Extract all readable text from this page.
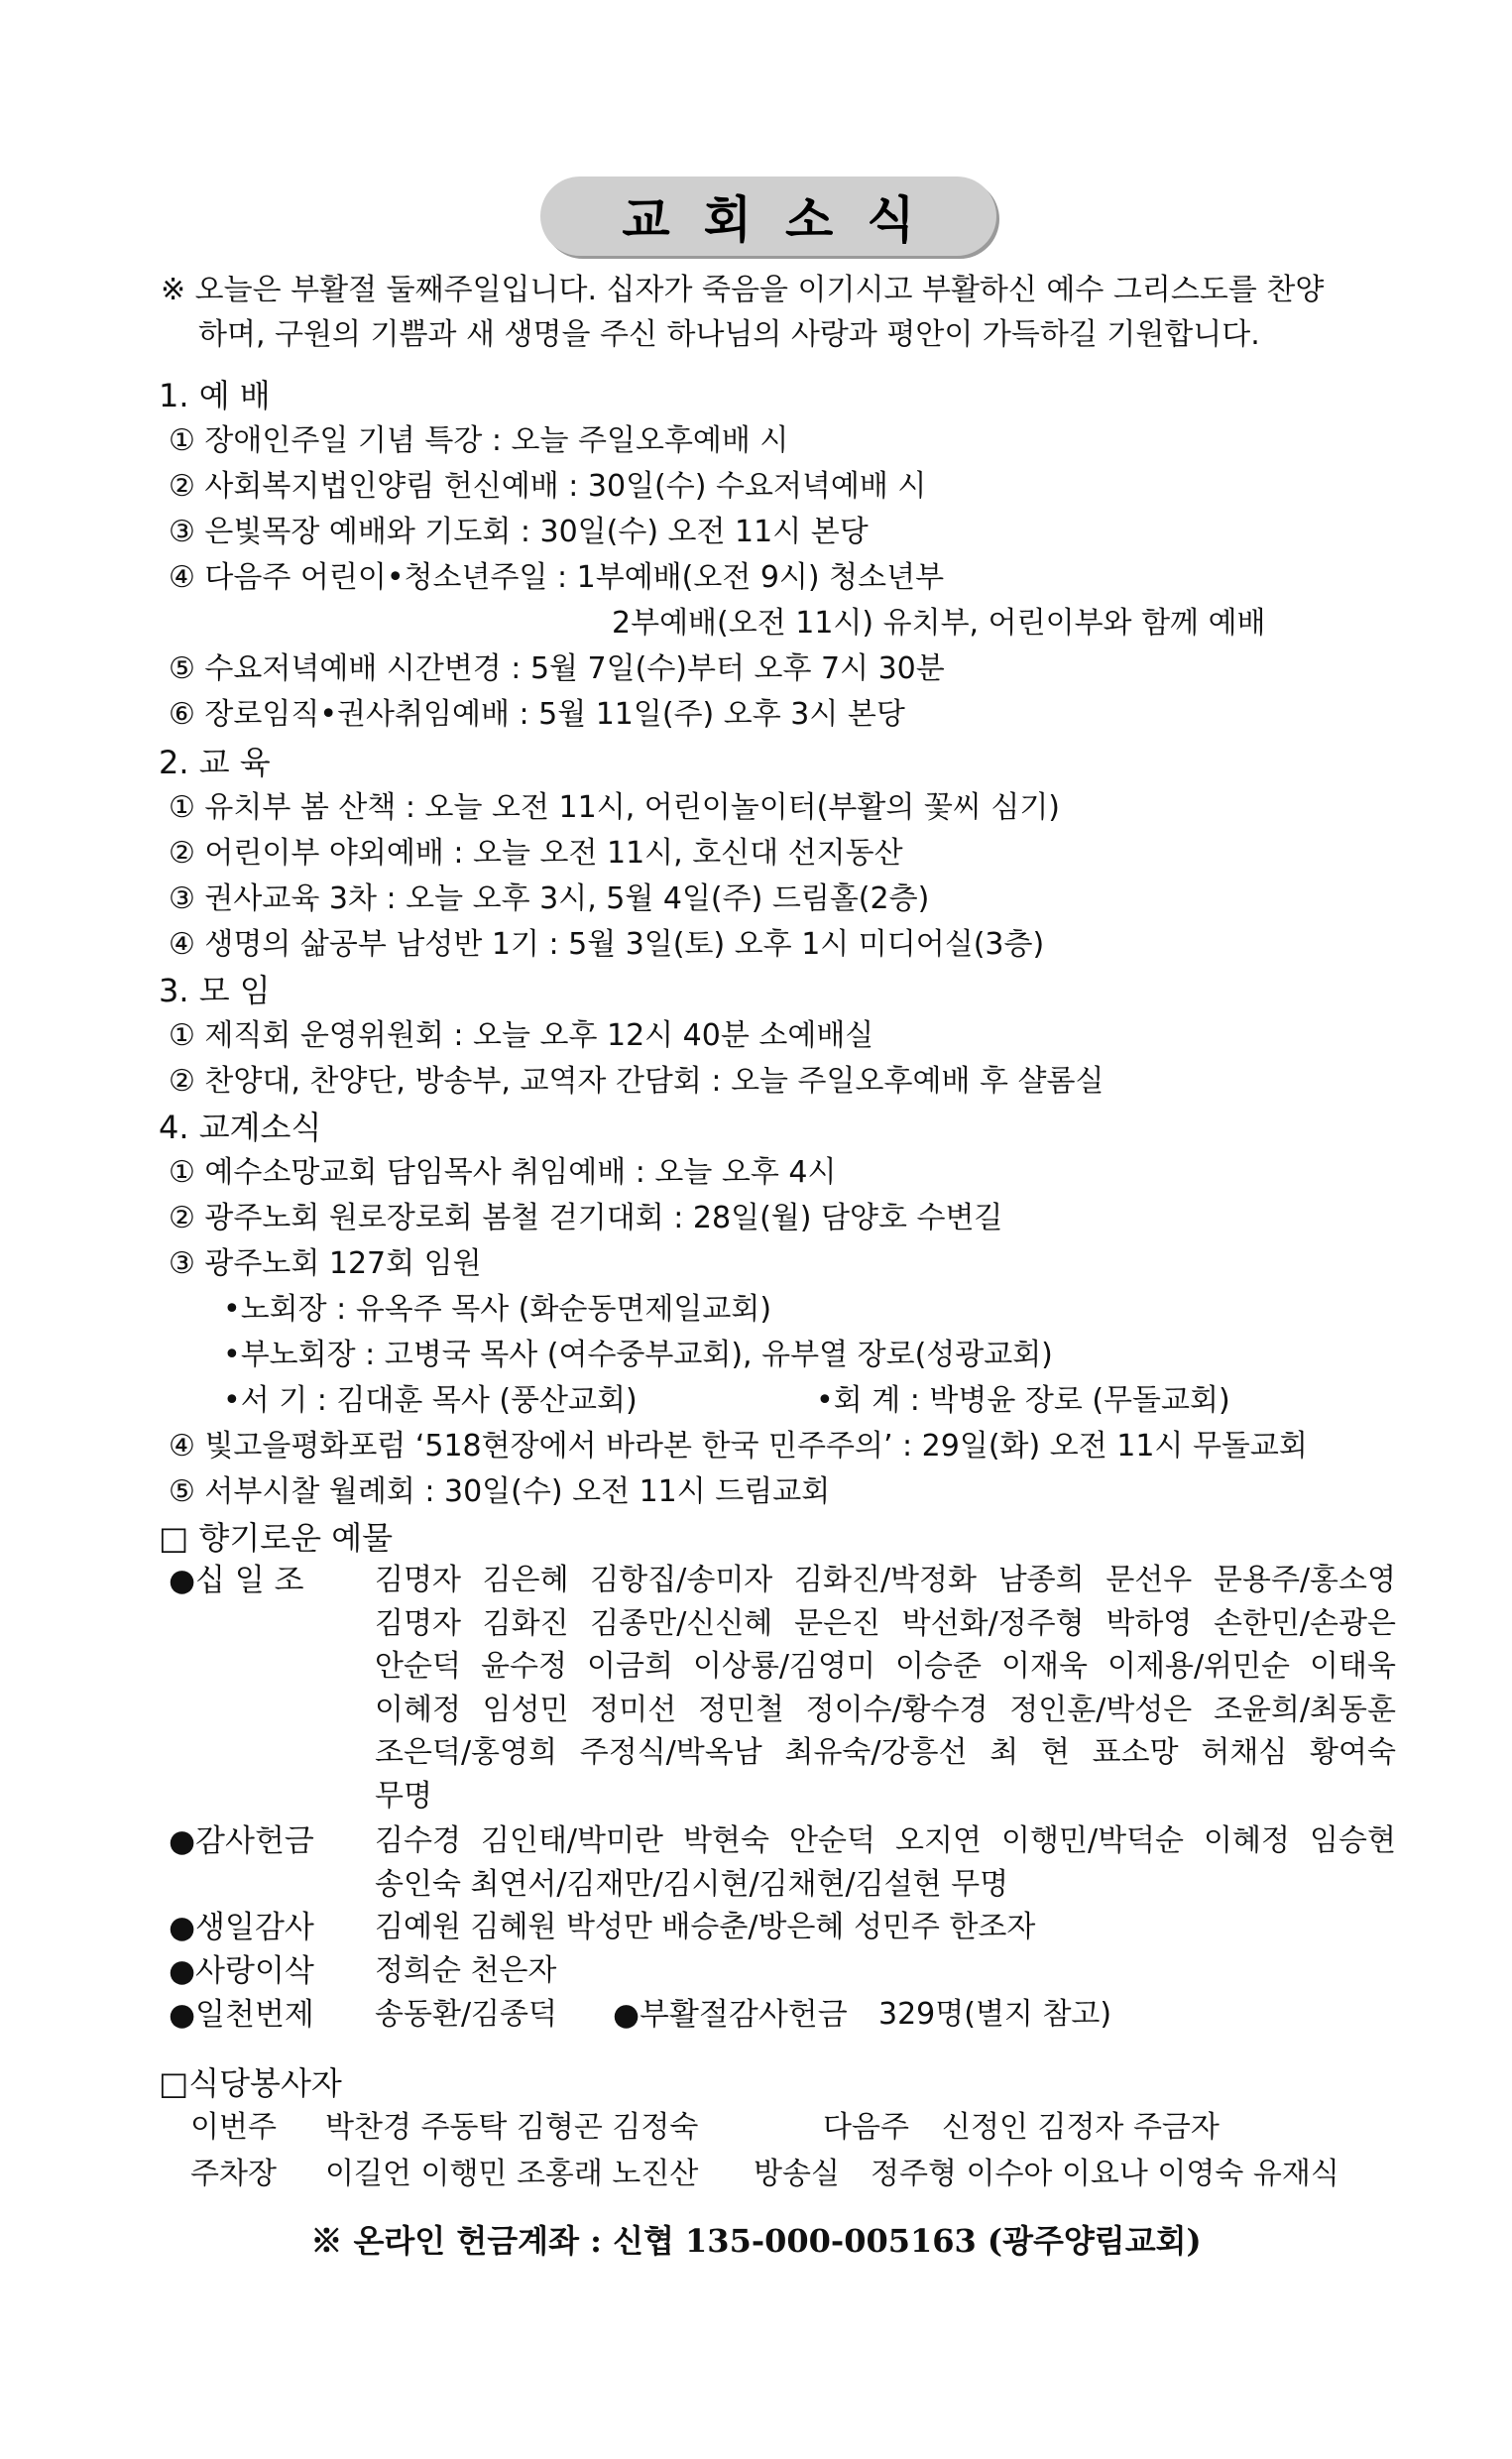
교회소식
※ 오늘은 부활절 둘째주일입니다. 십자가 죽음을 이기시고 부활하신 예수 그리스도를 찬양
하며, 구원의 기쁨과 새 생명을 주신 하나님의 사랑과 평안이 가득하길 기원합니다.
1. 예 배
① 장애인주일 기념 특강 : 오늘 주일오후예배 시
② 사회복지법인양림 헌신예배 : 30일(수) 수요저녁예배 시
③ 은빛목장 예배와 기도회 : 30일(수) 오전 11시 본당
④ 다음주 어린이•청소년주일 : 1부예배(오전 9시) 청소년부
2부예배(오전 11시) 유치부, 어린이부와 함께 예배
⑤ 수요저녁예배 시간변경 : 5월 7일(수)부터 오후 7시 30분
⑥ 장로임직•권사취임예배 : 5월 11일(주) 오후 3시 본당
2. 교 육
① 유치부 봄 산책 : 오늘 오전 11시, 어린이놀이터(부활의 꽃씨 심기)
② 어린이부 야외예배 : 오늘 오전 11시, 호신대 선지동산
③ 권사교육 3차 : 오늘 오후 3시, 5월 4일(주) 드림홀(2층)
④ 생명의 삶공부 남성반 1기 : 5월 3일(토) 오후 1시 미디어실(3층)
3. 모 임
① 제직회 운영위원회 : 오늘 오후 12시 40분 소예배실
② 찬양대, 찬양단, 방송부, 교역자 간담회 : 오늘 주일오후예배 후 샬롬실
4. 교계소식
① 예수소망교회 담임목사 취임예배 : 오늘 오후 4시
② 광주노회 원로장로회 봄철 걷기대회 : 28일(월) 담양호 수변길
③ 광주노회 127회 임원
•노회장 : 유옥주 목사 (화순동면제일교회)
•부노회장 : 고병국 목사 (여수중부교회), 유부열 장로(성광교회)
•서 기 : 김대훈 목사 (풍산교회)	•회 계 : 박병윤 장로 (무돌교회)
④ 빛고을평화포럼 ‘518현장에서 바라본 한국 민주주의’ : 29일(화) 오전 11시 무돌교회
⑤ 서부시찰 월례회 : 30일(수) 오전 11시 드림교회
□ 향기로운 예물
●십 일 조 김명자 김은혜 김항집/송미자 김화진/박정화 남종희 문선우 문용주/홍소영
김명자 김화진 김종만/신신혜 문은진 박선화/정주형 박하영 손한민/손광은
안순덕 윤수정 이금희 이상룡/김영미 이승준 이재욱 이제용/위민순 이태욱
이혜정 임성민 정미선 정민철 정이수/황수경 정인훈/박성은 조윤희/최동훈
조은덕/홍영희 주정식/박옥남 최유숙/강흥선 최 현 표소망 허채심 황여숙
무명
●감사헌금 김수경 김인태/박미란 박현숙 안순덕 오지연 이행민/박덕순 이혜정 임승현
송인숙 최연서/김재만/김시현/김채현/김설현 무명
●생일감사 김예원 김혜원 박성만 배승춘/방은혜 성민주 한조자
●사랑이삭 정희순 천은자
●일천번제 송동환/김종덕 ●부활절감사헌금 329명(별지 참고)
□식당봉사자
이번주 박찬경 주동탁 김형곤 김정숙	다음주 신정인 김정자 주금자
주차장 이길언 이행민 조홍래 노진산 방송실 정주형 이수아 이요나 이영숙 유재식
※ 온라인 헌금계좌 : 신협 135-000-005163 (광주양림교회)
